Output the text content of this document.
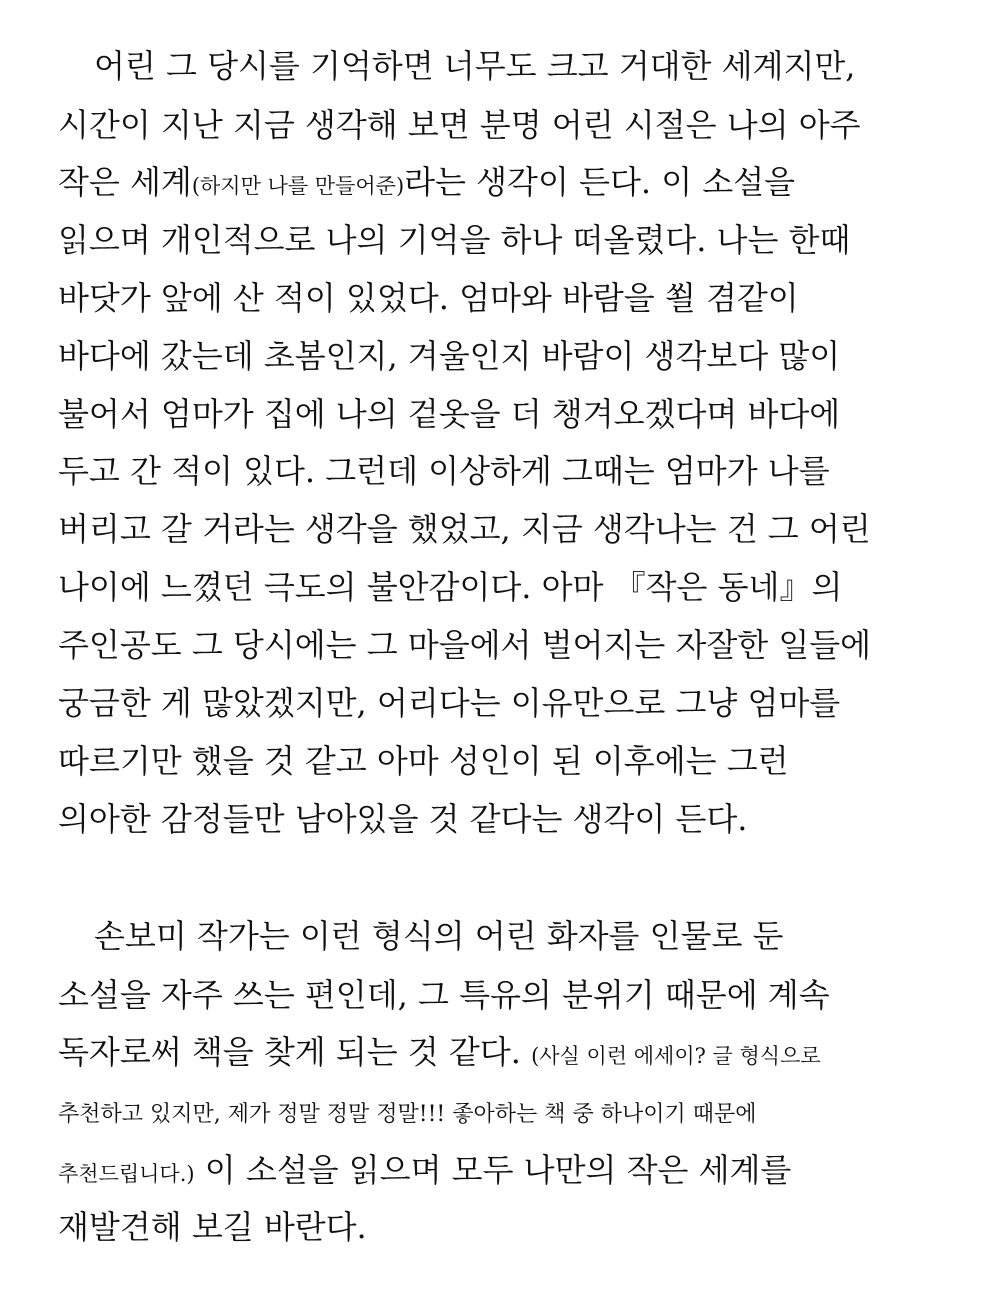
어린 그 당시를 기억하면 너무도 크고 거대한 세계지만,
시간이 지난 지금 생각해 보면 분명 어린 시절은 나의 아주
작은 세계(하지만 나를 만들어준)라는 생각이 든다. 이 소설을
읽으며 개인적으로 나의 기억을 하나 떠올렸다. 나는 한때
바닷가 앞에 산 적이 있었다. 엄마와 바람을 쐴 겸같이
바다에 갔는데 초봄인지, 겨울인지 바람이 생각보다 많이
불어서 엄마가 집에 나의 겉옷을 더 챙겨오겠다며 바다에
두고 간 적이 있다. 그런데 이상하게 그때는 엄마가 나를
버리고 갈 거라는 생각을 했었고, 지금 생각나는 건 그 어린
나이에 느꼈던 극도의 불안감이다. 아마 『작은 동네』의
주인공도 그 당시에는 그 마을에서 벌어지는 자잘한 일들에
궁금한 게 많았겠지만, 어리다는 이유만으로 그냥 엄마를
따르기만 했을 것 같고 아마 성인이 된 이후에는 그런
의아한 감정들만 남아있을 것 같다는 생각이 든다.
손보미 작가는 이런 형식의 어린 화자를 인물로 둔
소설을 자주 쓰는 편인데, 그 특유의 분위기 때문에 계속
독자로써 책을 찾게 되는 것 같다. (사실 이런 에세이? 글 형식으로
추천하고 있지만, 제가 정말 정말 정말!!! 좋아하는 책 중 하나이기 때문에
추천드립니다.) 이 소설을 읽으며 모두 나만의 작은 세계를
재발견해 보길 바란다.
